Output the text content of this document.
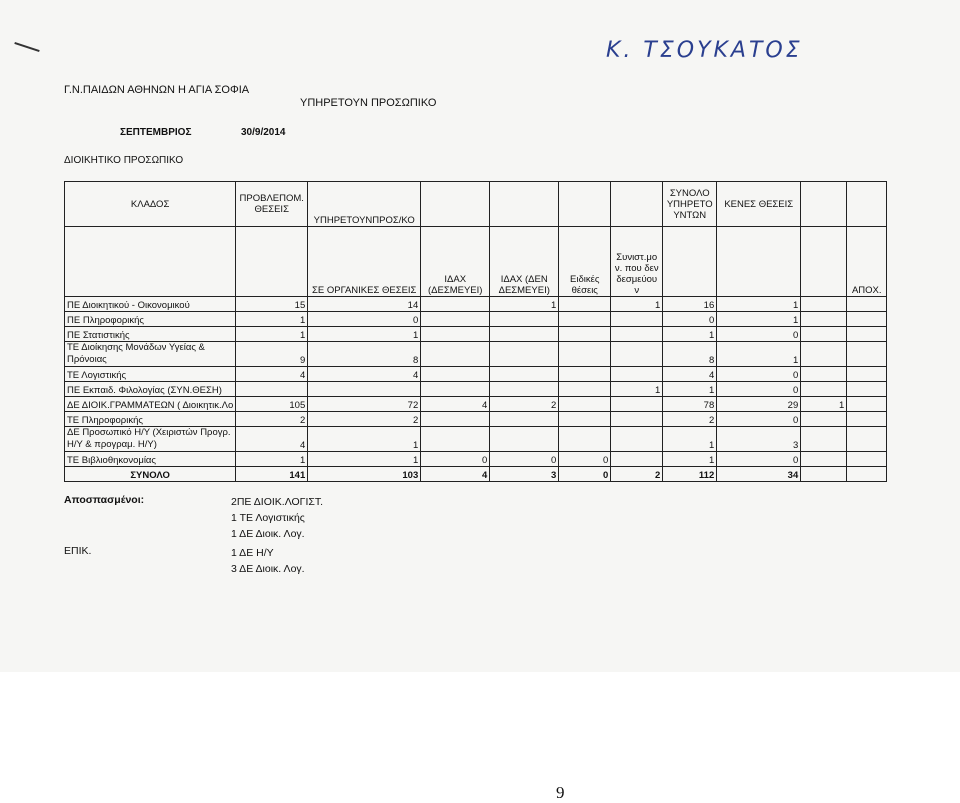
Κ. ΤΣΟΥΚΑΤΟΣ
Γ.Ν.ΠΑΙΔΩΝ ΑΘΗΝΩΝ Η ΑΓΙΑ ΣΟΦΙΑ
ΥΠΗΡΕΤΟΥΝ ΠΡΟΣΩΠΙΚΟ
ΣΕΠΤΕΜΒΡΙΟΣ	30/9/2014
ΔΙΟΙΚΗΤΙΚΟ ΠΡΟΣΩΠΙΚΟ
ΚΛΑΔΟΣ	ΠΡΟΒΛΕΠΟΜ. ΘΕΣΕΙΣ	ΥΠΗΡΕΤΟΥΝΠΡΟΣ/ΚΟ					ΣΥΝΟΛΟ ΥΠΗΡΕΤΟ ΥΝΤΩΝ	ΚΕΝΕΣ ΘΕΣΕΙΣ		
		ΣΕ ΟΡΓΑΝΙΚΕΣ ΘΕΣΕΙΣ	ΙΔΑΧ (ΔΕΣΜΕΥΕΙ)	ΙΔΑΧ (ΔΕΝ ΔΕΣΜΕΥΕΙ)	Ειδικές θέσεις	Συνιστ.μο ν. που δεν δεσμεύου ν				ΑΠΟΧ.
ΠΕ Διοικητικού - Οικονομικού	15	14		1		1	16	1		
ΠΕ Πληροφορικής	1	0					0	1		
ΠΕ Στατιστικής	1	1					1	0		
ΤΕ Διοίκησης Μονάδων Υγείας & Πρόνοιας	9	8					8	1		
ΤΕ Λογιστικής	4	4					4	0		
ΠΕ Εκπαιδ. Φιλολογίας (ΣΥΝ.ΘΕΣΗ)						1	1	0		
ΔΕ ΔΙΟΙΚ.ΓΡΑΜΜΑΤΕΩΝ ( Διοικητικ.Λο	105	72	4	2			78	29	1	
ΤΕ Πληροφορικής	2	2					2	0		
ΔΕ Προσωπικό Η/Υ (Χειριστών Προγρ. Η/Υ & προγραμ. Η/Υ)	4	1					1	3		
ΤΕ Βιβλιοθηκονομίας	1	1	0	0	0		1	0		
ΣΥΝΟΛΟ	141	103	4	3	0	2	112	34		
Αποσπασμένοι:	2ΠΕ ΔΙΟΙΚ.ΛΟΓΙΣΤ.
1 ΤΕ Λογιστικής
1 ΔΕ Διοικ. Λογ.
ΕΠΙΚ.	1 ΔΕ Η/Υ
3 ΔΕ Διοικ. Λογ.
9
